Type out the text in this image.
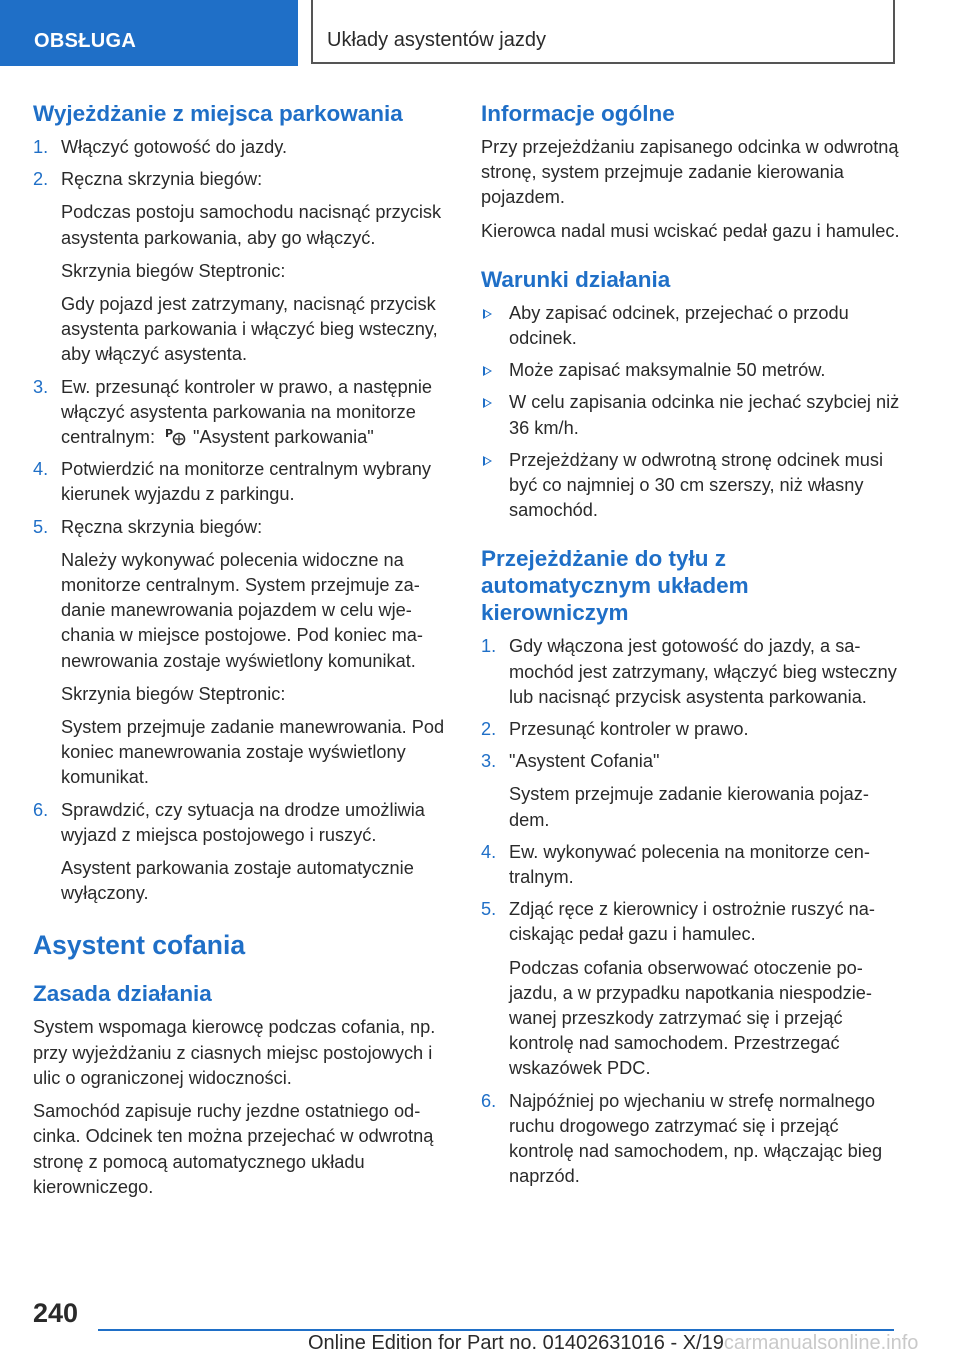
OBSŁUGA	Układy asystentów jazdy
Wyjeżdżanie z miejsca parkowania
1. Włączyć gotowość do jazdy.
2. Ręczna skrzynia biegów:
Podczas postoju samochodu nacisnąć przycisk asystenta parkowania, aby go włączyć.
Skrzynia biegów Steptronic:
Gdy pojazd jest zatrzymany, nacisnąć przycisk asystenta parkowania i włączyć bieg wsteczny, aby włączyć asystenta.
3. Ew. przesunąć kontroler w prawo, a następnie włączyć asystenta parkowania na monitorze centralnym: P "Asystent parkowania"
4. Potwierdzić na monitorze centralnym wybrany kierunek wyjazdu z parkingu.
5. Ręczna skrzynia biegów:
Należy wykonywać polecenia widoczne na monitorze centralnym. System przejmuje zadanie manewrowania pojazdem w celu wjechania w miejsce postojowe. Pod koniec manewrowania zostaje wyświetlony komunikat.
Skrzynia biegów Steptronic:
System przejmuje zadanie manewrowania. Pod koniec manewrowania zostaje wyświetlony komunikat.
6. Sprawdzić, czy sytuacja na drodze umożliwia wyjazd z miejsca postojowego i ruszyć.
Asystent parkowania zostaje automatycznie wyłączony.
Asystent cofania
Zasada działania

System wspomaga kierowcę podczas cofania, np. przy wyjeżdżaniu z ciasnych miejsc postojowych i ulic o ograniczonej widoczności.

Samochód zapisuje ruchy jezdne ostatniego odcinka. Odcinek ten można przejechać w odwrotną stronę z pomocą automatycznego układu kierowniczego.

Informacje ogólne

Przy przejeżdżaniu zapisanego odcinka w odwrotną stronę, system przejmuje zadanie kierowania pojazdem.

Kierowca nadal musi wciskać pedał gazu i hamulec.

Warunki działania
Aby zapisać odcinek, przejechać o przodu odcinek.
Może zapisać maksymalnie 50 metrów.
W celu zapisania odcinka nie jechać szybciej niż 36 km/h.
Przejeżdżany w odwrotną stronę odcinek musi być co najmniej o 30 cm szerszy, niż własny samochód.
Przejeżdżanie do tyłu z automatycznym układem kierowniczym
1. Gdy włączona jest gotowość do jazdy, a samochód jest zatrzymany, włączyć bieg wsteczny lub nacisnąć przycisk asystenta parkowania.
2. Przesunąć kontroler w prawo.
3. "Asystent Cofania"
System przejmuje zadanie kierowania pojazdem.
4. Ew. wykonywać polecenia na monitorze centralnym.
5. Zdjąć ręce z kierownicy i ostrożnie ruszyć naciskając pedał gazu i hamulec.
Podczas cofania obserwować otoczenie pojazdu, a w przypadku napotkania niespodziewanej przeszkody zatrzymać się i przejąć kontrolę nad samochodem. Przestrzegać wskazówek PDC.
6. Najpóźniej po wjechaniu w strefę normalnego ruchu drogowego zatrzymać się i przejąć kontrolę nad samochodem, np. włączając bieg naprzód.
240
Online Edition for Part no. 01402631016 - X/19carmanualsonline.info
